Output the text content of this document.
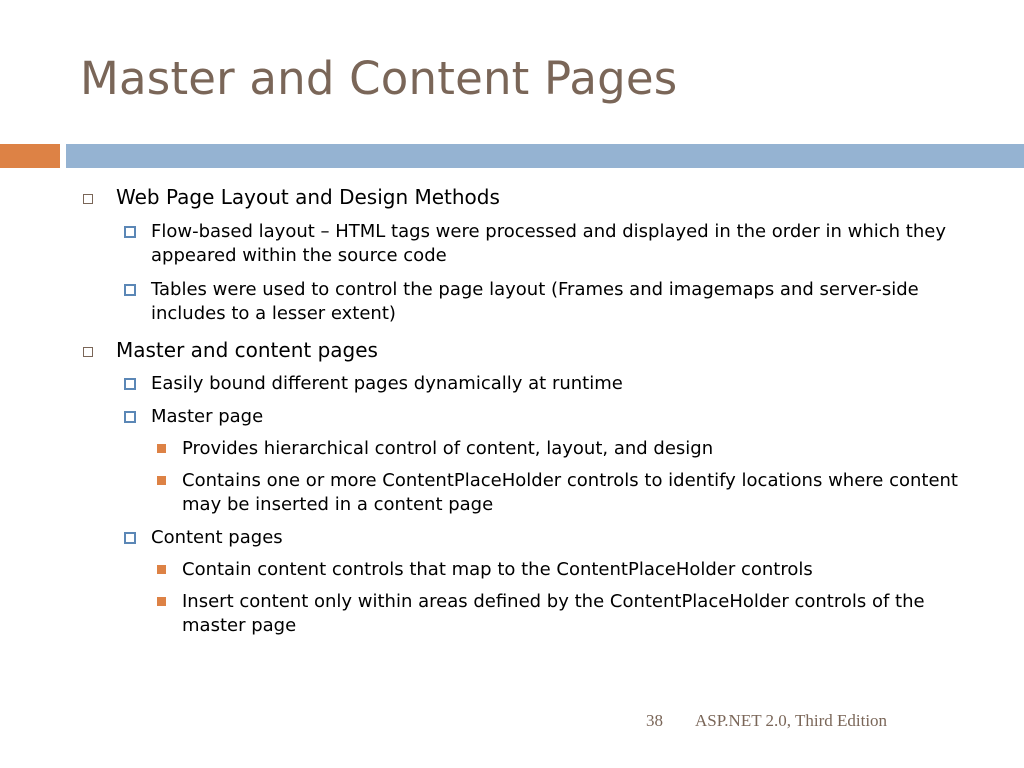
Master and Content Pages
Web Page Layout and Design Methods
Flow-based layout – HTML tags were processed and displayed in the order in which they appeared within the source code
Tables were used to control the page layout (Frames and imagemaps and server-side includes to a lesser extent)
Master and content pages
Easily bound different pages dynamically at runtime
Master page
Provides hierarchical control of content, layout, and design
Contains one or more ContentPlaceHolder controls to identify locations where content may be inserted in a content page
Content pages
Contain content controls that map to the ContentPlaceHolder controls
Insert content only within areas defined by the ContentPlaceHolder controls of the master page
38 ASP.NET 2.0, Third Edition
